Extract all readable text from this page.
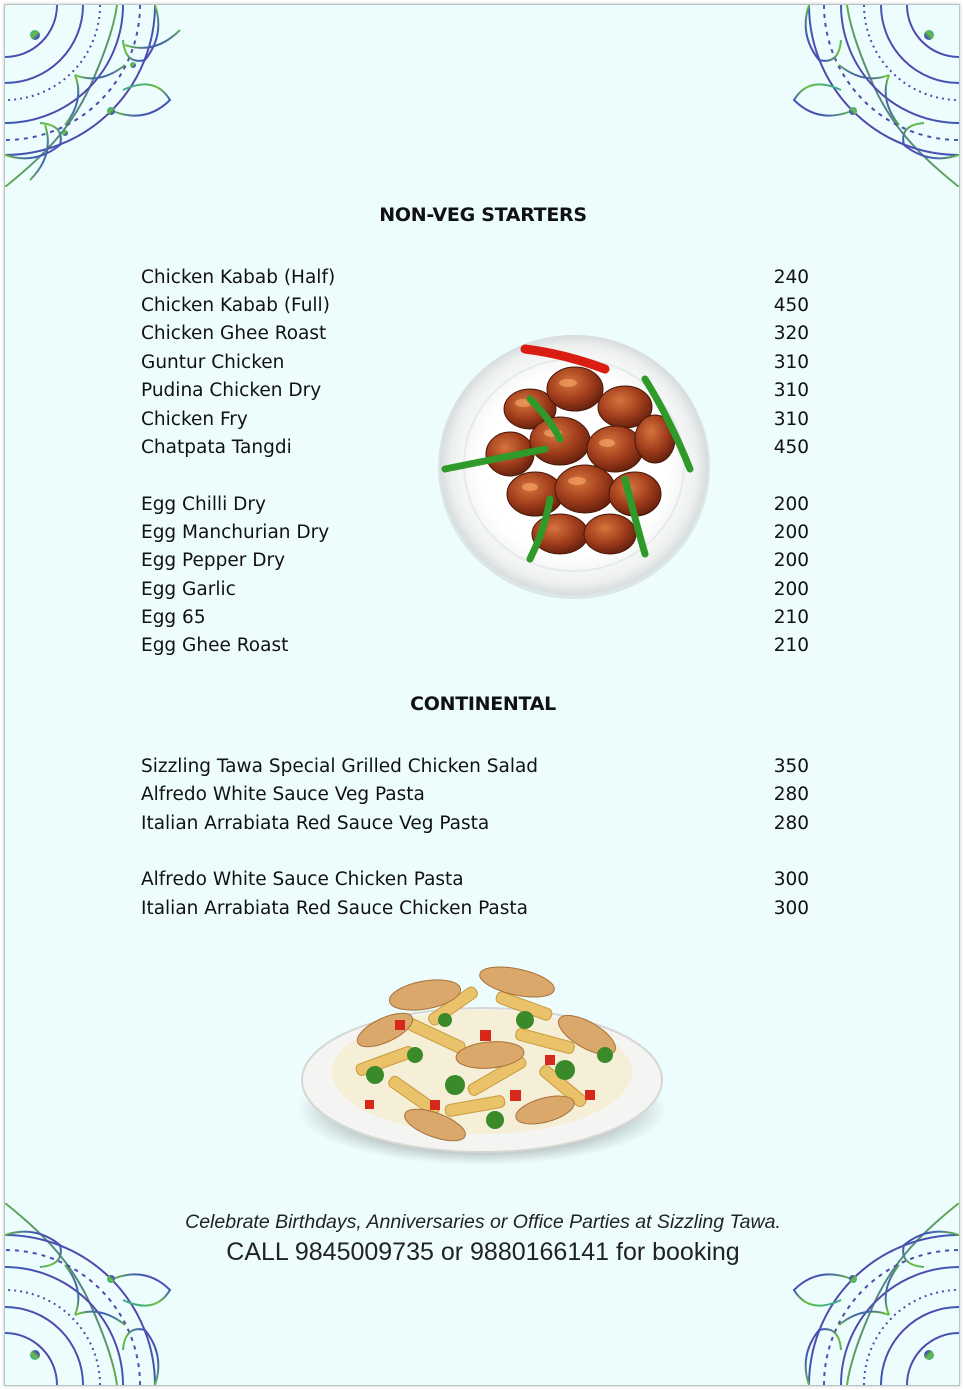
NON-VEG STARTERS
Chicken Kabab (Half)	240
Chicken Kabab (Full)	450
Chicken Ghee Roast	320
Guntur Chicken	310
Pudina Chicken Dry	310
Chicken Fry	310
Chatpata Tangdi	450
Egg Chilli Dry	200
Egg Manchurian Dry	200
Egg Pepper Dry	200
Egg Garlic	200
Egg 65	210
Egg Ghee Roast	210
CONTINENTAL
Sizzling Tawa Special Grilled Chicken Salad	350
Alfredo White Sauce Veg Pasta	280
Italian Arrabiata Red Sauce Veg Pasta	280
Alfredo White Sauce Chicken Pasta	300
Italian Arrabiata Red Sauce Chicken Pasta	300
Celebrate Birthdays, Anniversaries or Office Parties at Sizzling Tawa.
CALL 9845009735 or 9880166141 for booking
